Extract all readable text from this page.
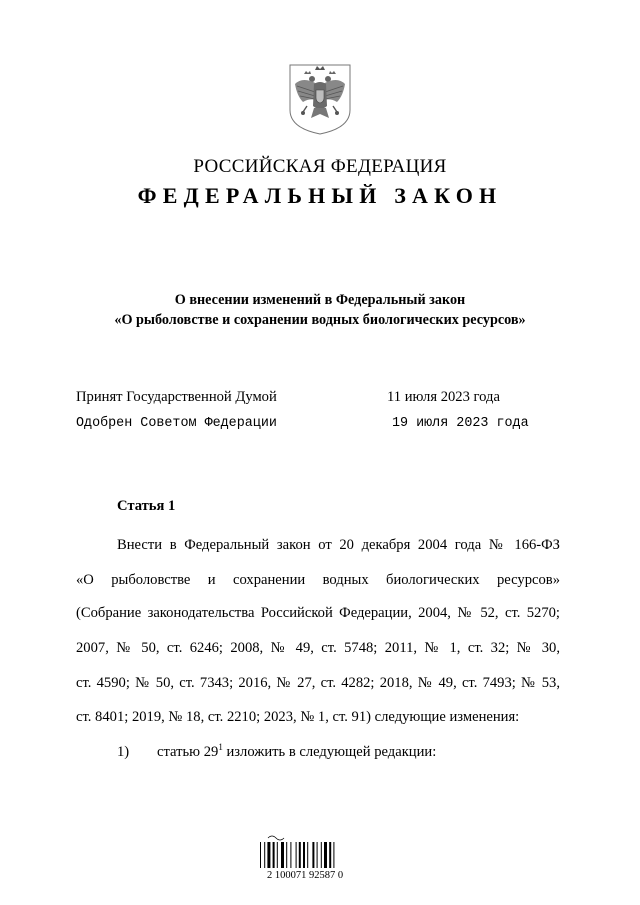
РОССИЙСКАЯ ФЕДЕРАЦИЯ
ФЕДЕРАЛЬНЫЙ ЗАКОН
О внесении изменений в Федеральный закон
«О рыболовстве и сохранении водных биологических ресурсов»
Принят Государственной Думой	11 июля 2023 года
Одобрен Советом Федерации	19 июля 2023 года
Статья 1
Внести в Федеральный закон от 20 декабря 2004 года № 166-ФЗ
«О рыболовстве и сохранении водных биологических ресурсов»
(Собрание законодательства Российской Федерации, 2004, № 52, ст. 5270;
2007, № 50, ст. 6246; 2008, № 49, ст. 5748; 2011, № 1, ст. 32; № 30,
ст. 4590; № 50, ст. 7343; 2016, № 27, ст. 4282; 2018, № 49, ст. 7493; № 53,
ст. 8401; 2019, № 18, ст. 2210; 2023, № 1, ст. 91) следующие изменения:
1) статью $29^1$ изложить в следующей редакции:
2 100071 92587 0
